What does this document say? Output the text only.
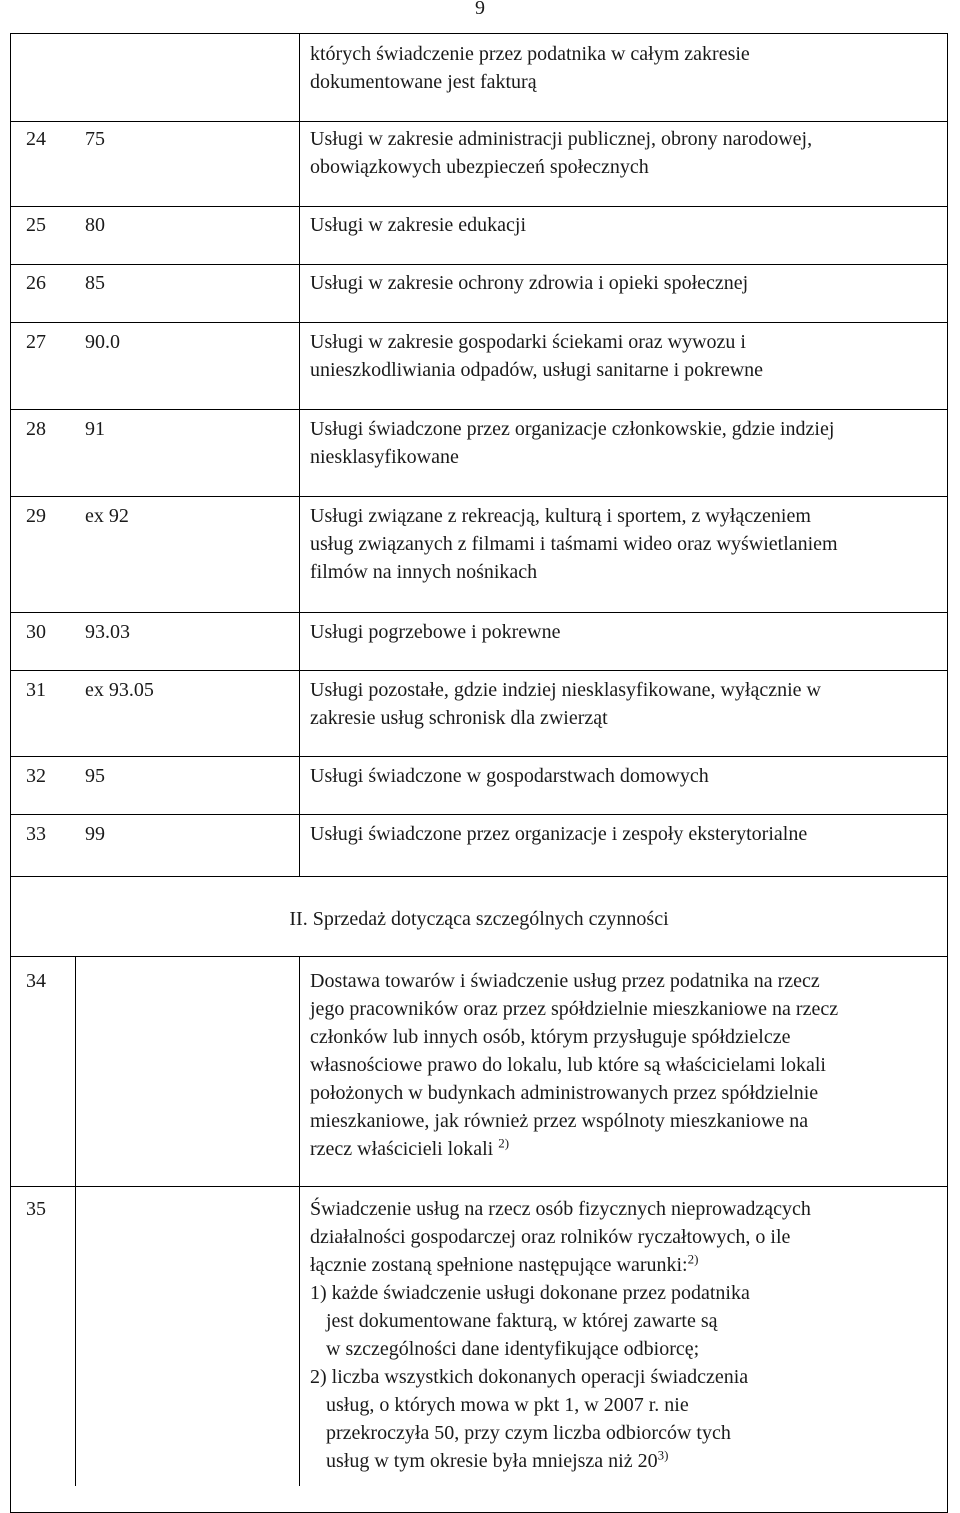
9
których świadczenie przez podatnika w całym zakresie
dokumentowane jest fakturą
24 75	Usługi w zakresie administracji publicznej, obrony narodowej,
obowiązkowych ubezpieczeń społecznych
25 80	Usługi w zakresie edukacji
26 85	Usługi w zakresie ochrony zdrowia i opieki społecznej
27 90.0	Usługi w zakresie gospodarki ściekami oraz wywozu i
unieszkodliwiania odpadów, usługi sanitarne i pokrewne
28 91	Usługi świadczone przez organizacje członkowskie, gdzie indziej
niesklasyfikowane
29 ex 92	Usługi związane z rekreacją, kulturą i sportem, z wyłączeniem
usług związanych z filmami i taśmami wideo oraz wyświetlaniem
filmów na innych nośnikach
30 93.03	Usługi pogrzebowe i pokrewne
31 ex 93.05	Usługi pozostałe, gdzie indziej niesklasyfikowane, wyłącznie w
zakresie usług schronisk dla zwierząt
32 95	Usługi świadczone w gospodarstwach domowych
33 99	Usługi świadczone przez organizacje i zespoły eksterytorialne
II. Sprzedaż dotycząca szczególnych czynności
34	Dostawa towarów i świadczenie usług przez podatnika na rzecz
jego pracowników oraz przez spółdzielnie mieszkaniowe na rzecz
członków lub innych osób, którym przysługuje spółdzielcze
własnościowe prawo do lokalu, lub które są właścicielami lokali
położonych w budynkach administrowanych przez spółdzielnie
mieszkaniowe, jak również przez wspólnoty mieszkaniowe na
rzecz właścicieli lokali $^{2)}$
35	Świadczenie usług na rzecz osób fizycznych nieprowadzących
działalności gospodarczej oraz rolników ryczałtowych, o ile
łącznie zostaną spełnione następujące warunki:$^{2)}$
1) każde świadczenie usługi dokonane przez podatnika
jest dokumentowane fakturą, w której zawarte są
w szczególności dane identyfikujące odbiorcę;
2) liczba wszystkich dokonanych operacji świadczenia
usług, o których mowa w pkt 1, w 2007 r. nie
przekroczyła 50, przy czym liczba odbiorców tych
usług w tym okresie była mniejsza niż 20$^{3)}$
